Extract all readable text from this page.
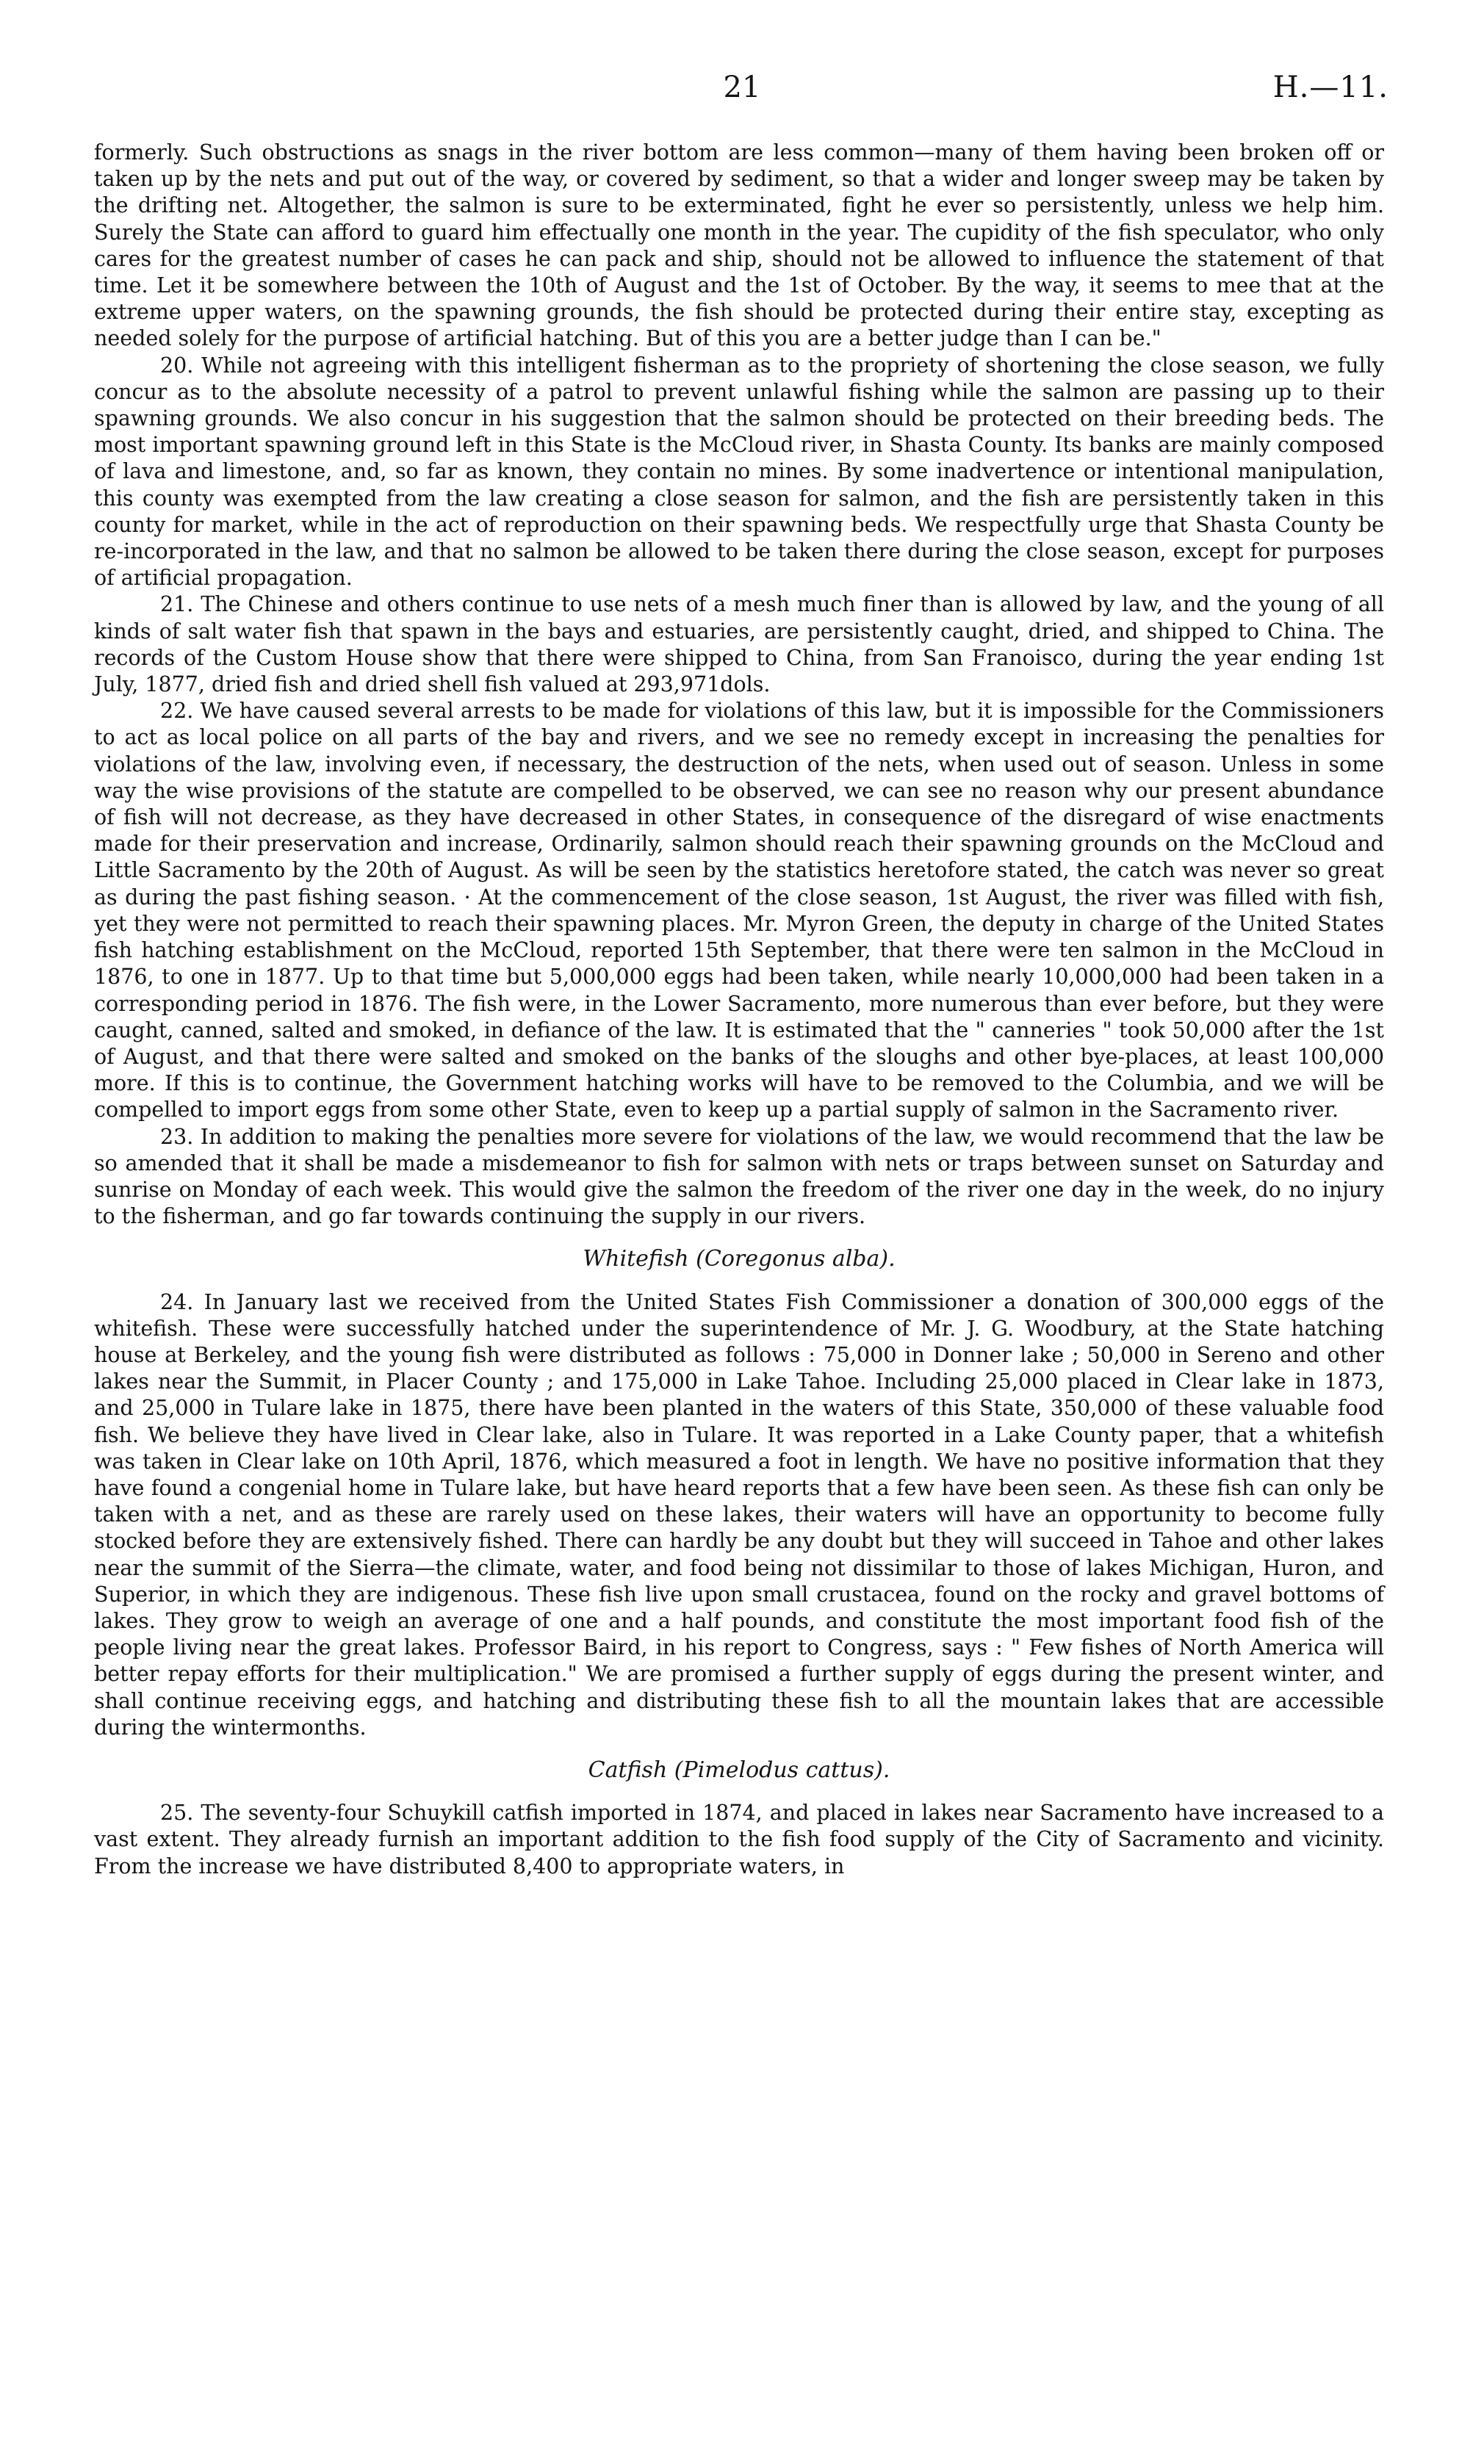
21	H.—11.

formerly. Such obstructions as snags in the river bottom are less common—many of them having been broken off or taken up by the nets and put out of the way, or covered by sediment, so that a wider and longer sweep may be taken by the drifting net. Altogether, the salmon is sure to be exterminated, fight he ever so persistently, unless we help him. Surely the State can afford to guard him effectually one month in the year. The cupidity of the fish speculator, who only cares for the greatest number of cases he can pack and ship, should not be allowed to influence the statement of that time. Let it be somewhere between the 10th of August and the 1st of October. By the way, it seems to mee that at the extreme upper waters, on the spawning grounds, the fish should be protected during their entire stay, excepting as needed solely for the purpose of artificial hatching. But of this you are a better judge than I can be."

20. While not agreeing with this intelligent fisherman as to the propriety of shortening the close season, we fully concur as to the absolute necessity of a patrol to prevent unlawful fishing while the salmon are passing up to their spawning grounds. We also concur in his suggestion that the salmon should be protected on their breeding beds. The most important spawning ground left in this State is the McCloud river, in Shasta County. Its banks are mainly composed of lava and limestone, and, so far as known, they contain no mines. By some inadvertence or intentional manipulation, this county was exempted from the law creating a close season for salmon, and the fish are persistently taken in this county for market, while in the act of reproduction on their spawning beds. We respectfully urge that Shasta County be re-incorporated in the law, and that no salmon be allowed to be taken there during the close season, except for purposes of artificial propagation.

21. The Chinese and others continue to use nets of a mesh much finer than is allowed by law, and the young of all kinds of salt water fish that spawn in the bays and estuaries, are persistently caught, dried, and shipped to China. The records of the Custom House show that there were shipped to China, from San Franoisco, during the year ending 1st July, 1877, dried fish and dried shell fish valued at 293,971dols.

22. We have caused several arrests to be made for violations of this law, but it is impossible for the Commissioners to act as local police on all parts of the bay and rivers, and we see no remedy except in increasing the penalties for violations of the law, involving even, if necessary, the destruction of the nets, when used out of season. Unless in some way the wise provisions of the statute are compelled to be observed, we can see no reason why our present abundance of fish will not decrease, as they have decreased in other States, in consequence of the disregard of wise enactments made for their preservation and increase, Ordinarily, salmon should reach their spawning grounds on the McCloud and Little Sacramento by the 20th of August. As will be seen by the statistics heretofore stated, the catch was never so great as during the past fishing season. · At the commencement of the close season, 1st August, the river was filled with fish, yet they were not permitted to reach their spawning places. Mr. Myron Green, the deputy in charge of the United States fish hatching establishment on the McCloud, reported 15th September, that there were ten salmon in the McCloud in 1876, to one in 1877. Up to that time but 5,000,000 eggs had been taken, while nearly 10,000,000 had been taken in a corresponding period in 1876. The fish were, in the Lower Sacramento, more numerous than ever before, but they were caught, canned, salted and smoked, in defiance of the law. It is estimated that the " canneries " took 50,000 after the 1st of August, and that there were salted and smoked on the banks of the sloughs and other bye-places, at least 100,000 more. If this is to continue, the Government hatching works will have to be removed to the Columbia, and we will be compelled to import eggs from some other State, even to keep up a partial supply of salmon in the Sacramento river.

23. In addition to making the penalties more severe for violations of the law, we would recommend that the law be so amended that it shall be made a misdemeanor to fish for salmon with nets or traps between sunset on Saturday and sunrise on Monday of each week. This would give the salmon the freedom of the river one day in the week, do no injury to the fisherman, and go far towards continuing the supply in our rivers.

Whitefish (Coregonus alba).

24. In January last we received from the United States Fish Commissioner a donation of 300,000 eggs of the whitefish. These were successfully hatched under the superintendence of Mr. J. G. Woodbury, at the State hatching house at Berkeley, and the young fish were distributed as follows : 75,000 in Donner lake ; 50,000 in Sereno and other lakes near the Summit, in Placer County ; and 175,000 in Lake Tahoe. Including 25,000 placed in Clear lake in 1873, and 25,000 in Tulare lake in 1875, there have been planted in the waters of this State, 350,000 of these valuable food fish. We believe they have lived in Clear lake, also in Tulare. It was reported in a Lake County paper, that a whitefish was taken in Clear lake on 10th April, 1876, which measured a foot in length. We have no positive information that they have found a congenial home in Tulare lake, but have heard reports that a few have been seen. As these fish can only be taken with a net, and as these are rarely used on these lakes, their waters will have an opportunity to become fully stocked before they are extensively fished. There can hardly be any doubt but they will succeed in Tahoe and other lakes near the summit of the Sierra—the climate, water, and food being not dissimilar to those of lakes Michigan, Huron, and Superior, in which they are indigenous. These fish live upon small crustacea, found on the rocky and gravel bottoms of lakes. They grow to weigh an average of one and a half pounds, and constitute the most important food fish of the people living near the great lakes. Professor Baird, in his report to Congress, says : " Few fishes of North America will better repay efforts for their multiplication." We are promised a further supply of eggs during the present winter, and shall continue receiving eggs, and hatching and distributing these fish to all the mountain lakes that are accessible during the wintermonths.

Catfish (Pimelodus cattus).

25. The seventy-four Schuykill catfish imported in 1874, and placed in lakes near Sacramento have increased to a vast extent. They already furnish an important addition to the fish food supply of the City of Sacramento and vicinity. From the increase we have distributed 8,400 to appropriate waters, in
